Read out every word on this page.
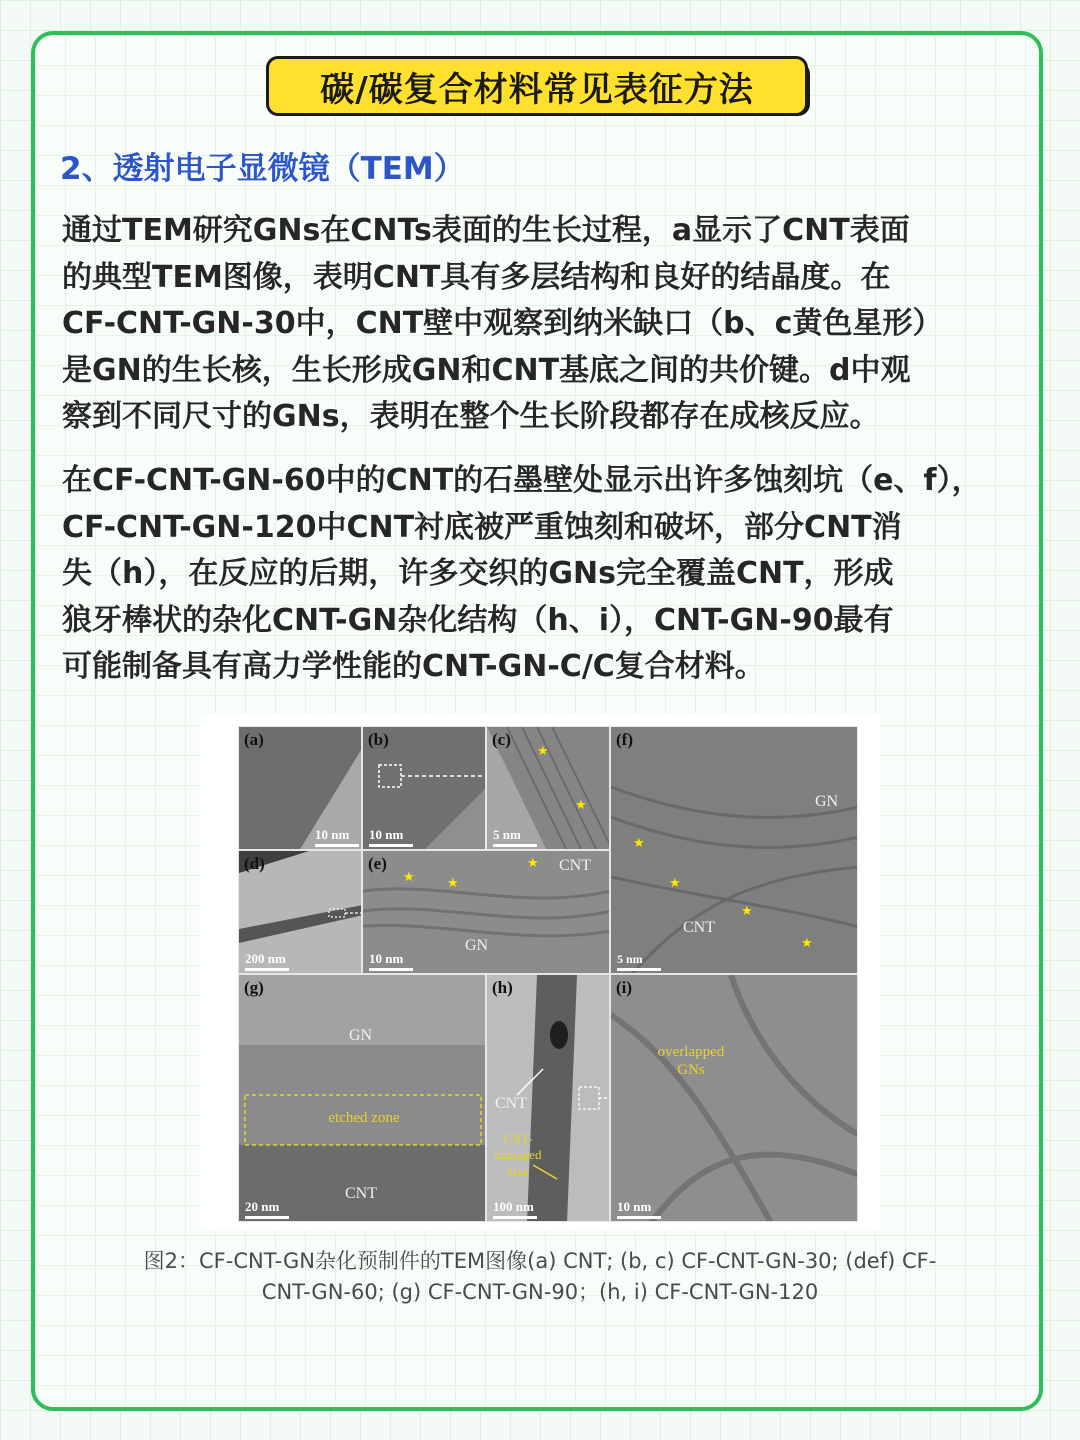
碳/碳复合材料常见表征方法
2、透射电子显微镜（TEM）
通过TEM研究GNs在CNTs表面的生长过程，a显示了CNT表面
的典型TEM图像，表明CNT具有多层结构和良好的结晶度。在
CF-CNT-GN-30中，CNT壁中观察到纳米缺口（b、c黄色星形）
是GN的生长核，生长形成GN和CNT基底之间的共价键。d中观
察到不同尺寸的GNs，表明在整个生长阶段都存在成核反应。
在CF-CNT-GN-60中的CNT的石墨壁处显示出许多蚀刻坑（e、f），
CF-CNT-GN-120中CNT衬底被严重蚀刻和破坏，部分CNT消
失（h），在反应的后期，许多交织的GNs完全覆盖CNT，形成
狼牙棒状的杂化CNT-GN杂化结构（h、i），CNT-GN-90最有
可能制备具有高力学性能的CNT-GN-C/C复合材料。
(a)
10 nm
(b)
10 nm
(c)
★
★
5 nm
(f)
GN
CNT
★
★
★
★
5 nm
(d)
200 nm
(e)	CNT
GN
★ ★
★
10 nm
(g)
GN
etched zone
CNT
20 nm
(h)
CNT
CNT-
damaged
area
100 nm
(i)
overlapped
GNs
10 nm
图2：CF-CNT-GN杂化预制件的TEM图像(a) CNT; (b, c) CF-CNT-GN-30; (def) CF-
CNT-GN-60; (g) CF-CNT-GN-90；(h, i) CF-CNT-GN-120
